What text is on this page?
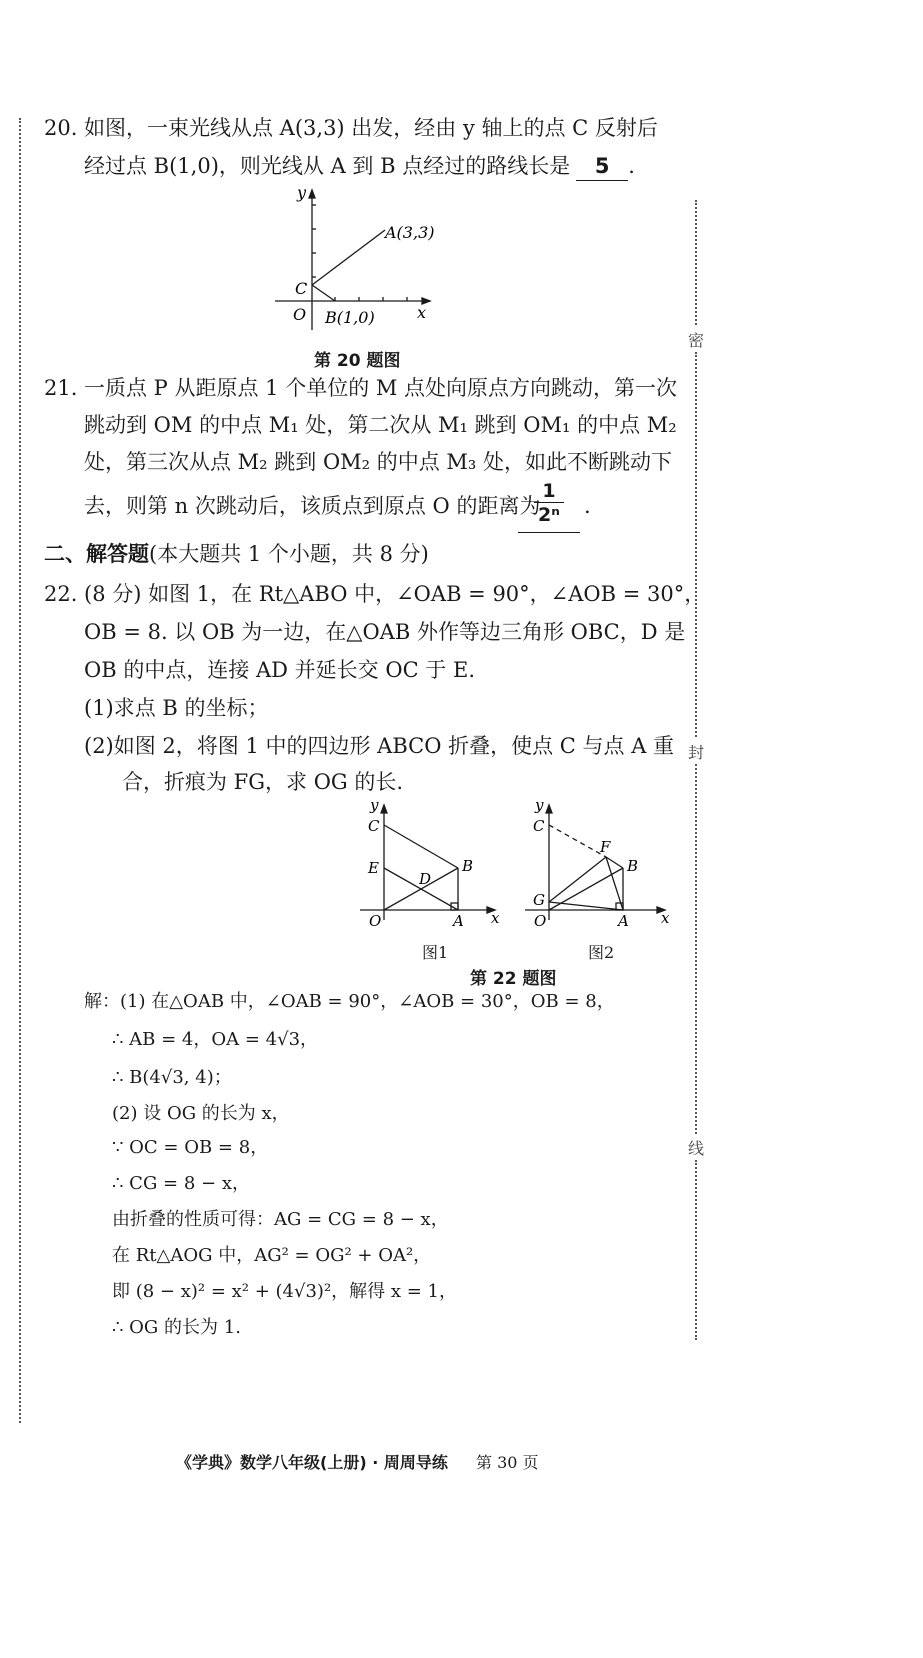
密
封
线
20. 如图，一束光线从点 A(3,3) 出发，经由 y 轴上的点 C 反射后
经过点 B(1,0)，则光线从 A 到 B 点经过的路线长是 5 .
y
x
O
C
A(3,3)
B(1,0)
第 20 题图
21. 一质点 P 从距原点 1 个单位的 M 点处向原点方向跳动，第一次
跳动到 OM 的中点 M₁ 处，第二次从 M₁ 跳到 OM₁ 的中点 M₂
处，第三次从点 M₂ 跳到 OM₂ 的中点 M₃ 处，如此不断跳动下
去，则第 n 次跳动后，该质点到原点 O 的距离为
$\frac{1}{\text{2ⁿ}}$ .
二、解答题(本大题共 1 个小题，共 8 分)
22. (8 分) 如图 1，在 Rt△ABO 中，∠OAB = 90°，∠AOB = 30°，
OB = 8. 以 OB 为一边，在△OAB 外作等边三角形 OBC，D 是
OB 的中点，连接 AD 并延长交 OC 于 E.
(1)求点 B 的坐标；
(2)如图 2，将图 1 中的四边形 ABCO 折叠，使点 C 与点 A 重
合，折痕为 FG，求 OG 的长.
y
x
O
C
E
D
B
A
图1
y
x
O
C
G
F
B
A
图2
第 22 题图
解：(1) 在△OAB 中，∠OAB = 90°，∠AOB = 30°，OB = 8，
∴ AB = 4，OA = 4√3，
∴ B(4√3, 4)；
(2) 设 OG 的长为 x，
∵ OC = OB = 8，
∴ CG = 8 − x，
由折叠的性质可得：AG = CG = 8 − x，
在 Rt△AOG 中，AG² = OG² + OA²，
即 (8 − x)² = x² + (4√3)²，解得 x = 1，
∴ OG 的长为 1.
《学典》数学八年级(上册) · 周周导练 第 30 页
